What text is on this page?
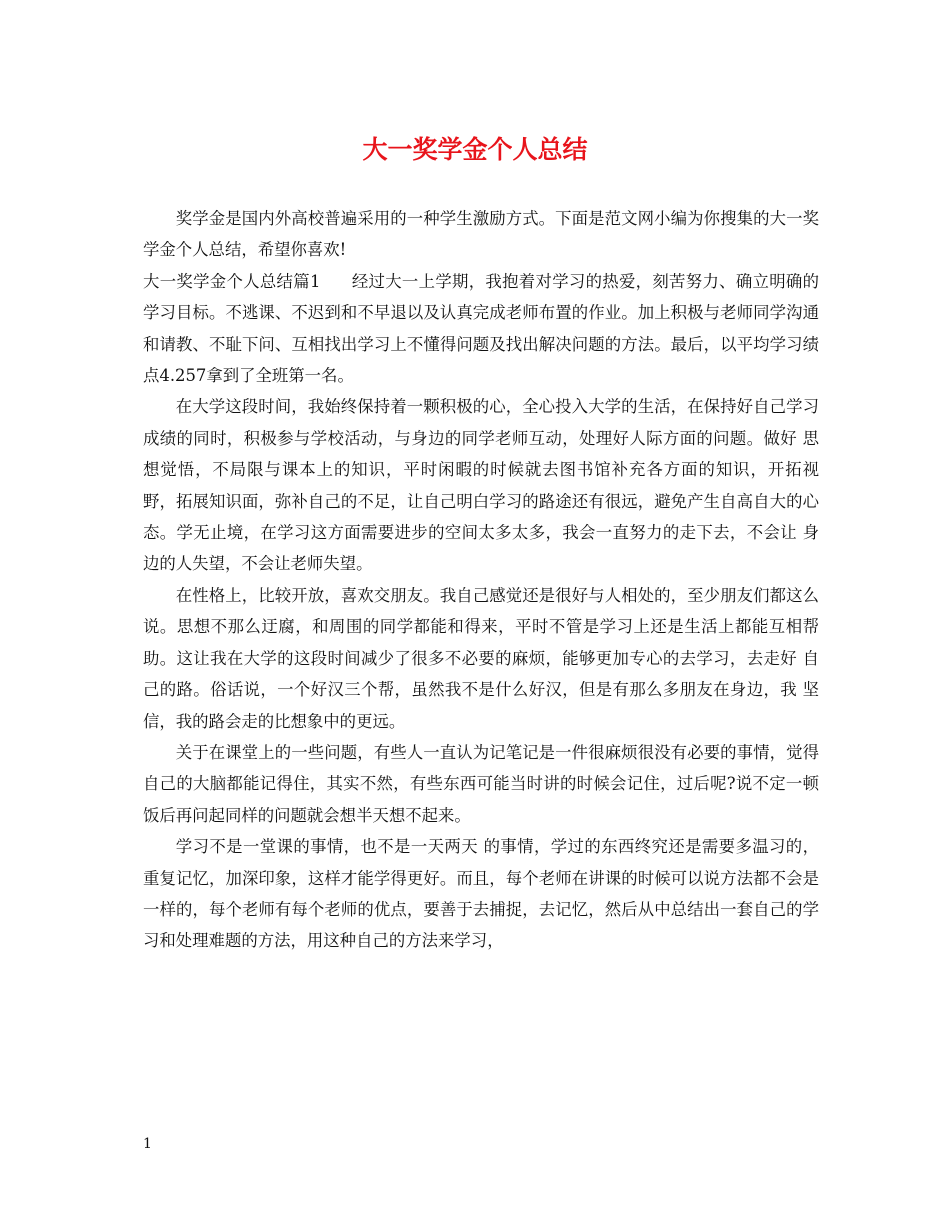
大一奖学金个人总结

奖学金是国内外高校普遍采用的一种学生激励方式。下面是范文网小编为你搜集的大一奖学金个人总结，希望你喜欢!

大一奖学金个人总结篇1 经过大一上学期，我抱着对学习的热爱，刻苦努力、确立明确的学习目标。不逃课、不迟到和不早退以及认真完成老师布置的作业。加上积极与老师同学沟通和请教、不耻下问、互相找出学习上不懂得问题及找出解决问题的方法。最后，以平均学习绩点4.257拿到了全班第一名。

在大学这段时间，我始终保持着一颗积极的心，全心投入大学的生活，在保持好自己学习成绩的同时，积极参与学校活动，与身边的同学老师互动，处理好人际方面的问题。做好 思想觉悟，不局限与课本上的知识，平时闲暇的时候就去图书馆补充各方面的知识，开拓视 野，拓展知识面，弥补自己的不足，让自己明白学习的路途还有很远，避免产生自高自大的心态。学无止境，在学习这方面需要进步的空间太多太多，我会一直努力的走下去，不会让 身边的人失望，不会让老师失望。

在性格上，比较开放，喜欢交朋友。我自己感觉还是很好与人相处的，至少朋友们都这么说。思想不那么迂腐，和周围的同学都能和得来，平时不管是学习上还是生活上都能互相帮助。这让我在大学的这段时间减少了很多不必要的麻烦，能够更加专心的去学习，去走好 自己的路。俗话说，一个好汉三个帮，虽然我不是什么好汉，但是有那么多朋友在身边，我 坚信，我的路会走的比想象中的更远。

关于在课堂上的一些问题，有些人一直认为记笔记是一件很麻烦很没有必要的事情，觉得自己的大脑都能记得住，其实不然，有些东西可能当时讲的时候会记住，过后呢?说不定一顿饭后再问起同样的问题就会想半天想不起来。

学习不是一堂课的事情，也不是一天两天 的事情，学过的东西终究还是需要多温习的，重复记忆，加深印象，这样才能学得更好。而且，每个老师在讲课的时候可以说方法都不会是一样的，每个老师有每个老师的优点，要善于去捕捉，去记忆，然后从中总结出一套自己的学习和处理难题的方法，用这种自己的方法来学习，

1
